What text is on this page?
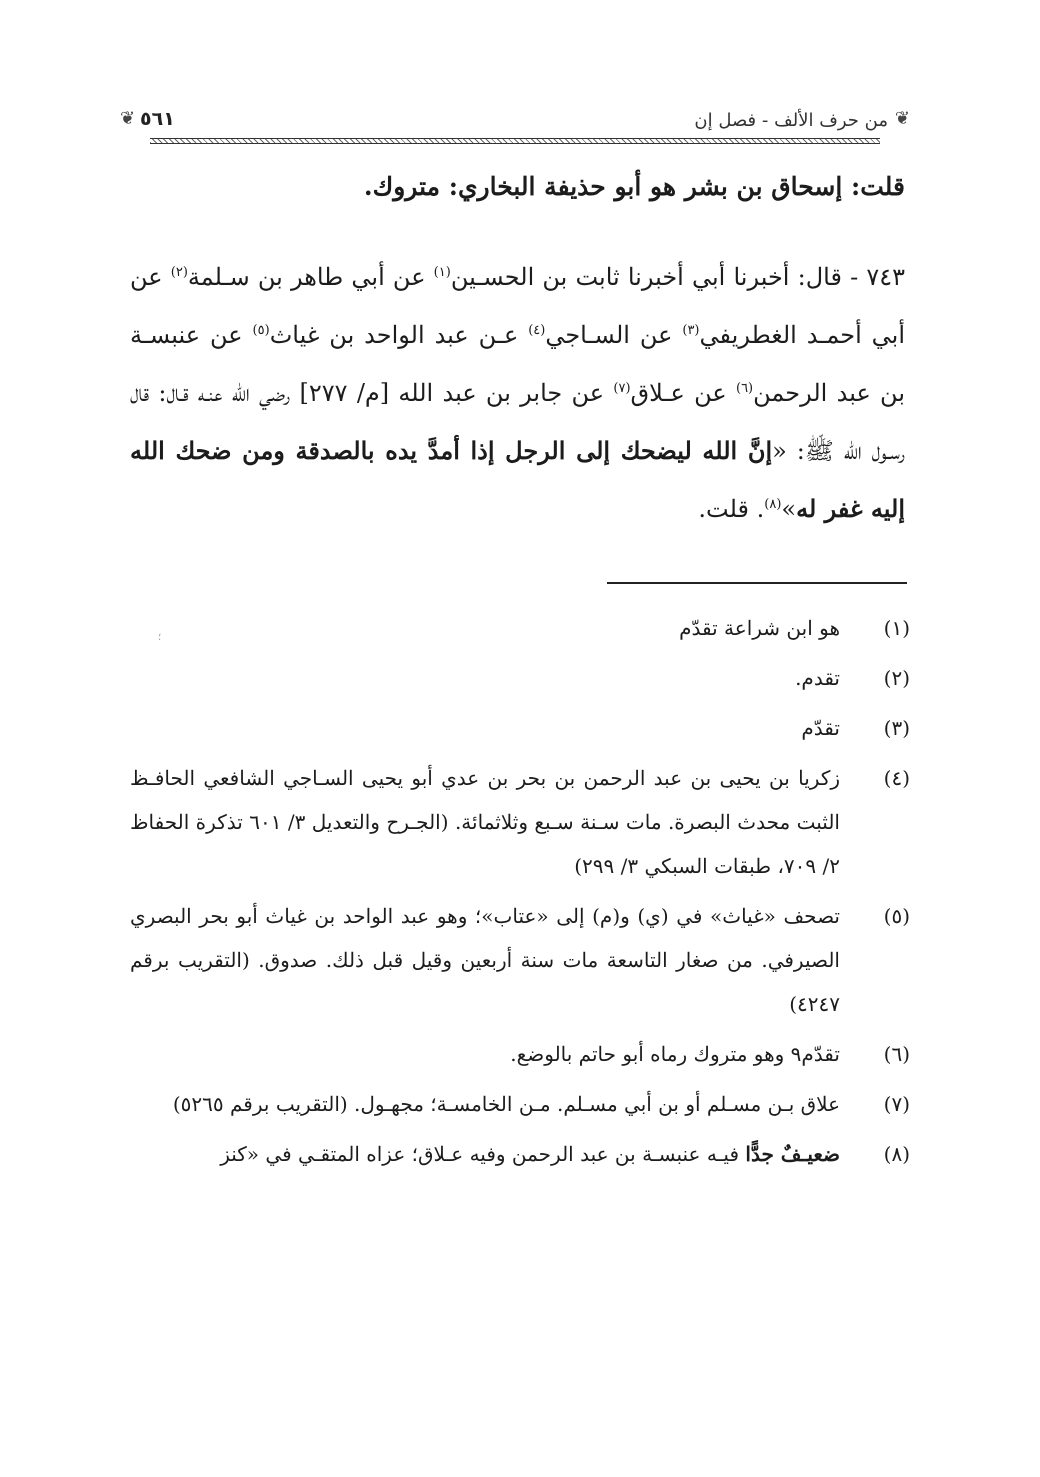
❦
من حرف الألف - فصل إن
٥٦١
❦
قلت: إسحاق بن بشر هو أبو حذيفة البخاري: متروك.
٧٤٣ - قال: أخبرنا أبي أخبرنا ثابت بن الحسـين$^{(١)}$ عن أبي طاهر بن سـلمة$^{(٢)}$ عن أبي أحمـد الغطريفي$^{(٣)}$ عن السـاجي$^{(٤)}$ عـن عبد الواحد بن غياث$^{(٥)}$ عن عنبسـة بن عبد الرحمن$^{(٦)}$ عن عـلاق$^{(٧)}$ عن جابر بن عبد الله [م/ ٢٧٧] رضي الله عنـه قـال: قال رسـول الله ﷺ: «إنَّ الله ليضحك إلى الرجل إذا أمدَّ يده بالصدقة ومن ضحك الله إليه غفر له»$^{(٨)}$. قلت.
؛	(١)
هو ابن شراعة تقدّم
(٢)
تقدم.
(٣)
تقدّم
(٤)
زكريا بن يحيى بن عبد الرحمن بن بحر بن عدي أبو يحيى السـاجي الشافعي الحافـظ الثبت محدث البصرة. مات سـنة سـبع وثلاثمائة. (الجـرح والتعديل ٣/ ٦٠١ تذكرة الحفاظ ٢/ ٧٠٩، طبقات السبكي ٣/ ٢٩٩)
(٥)
تصحف «غياث» في (ي) و(م) إلى «عتاب»؛ وهو عبد الواحد بن غياث أبو بحر البصري الصيرفي. من صغار التاسعة مات سنة أربعين وقيل قبل ذلك. صدوق. (التقريب برقم ٤٢٤٧)
(٦)
تقدّم٩ وهو متروك رماه أبو حاتم بالوضع.
(٧)
علاق بـن مسـلم أو بن أبي مسـلم. مـن الخامسـة؛ مجهـول. (التقريب برقم ٥٢٦٥)
(٨)
ضعيـفٌ جدًّا فيـه عنبسـة بن عبد الرحمن وفيه عـلاق؛ عزاه المتقـي في «كنز
